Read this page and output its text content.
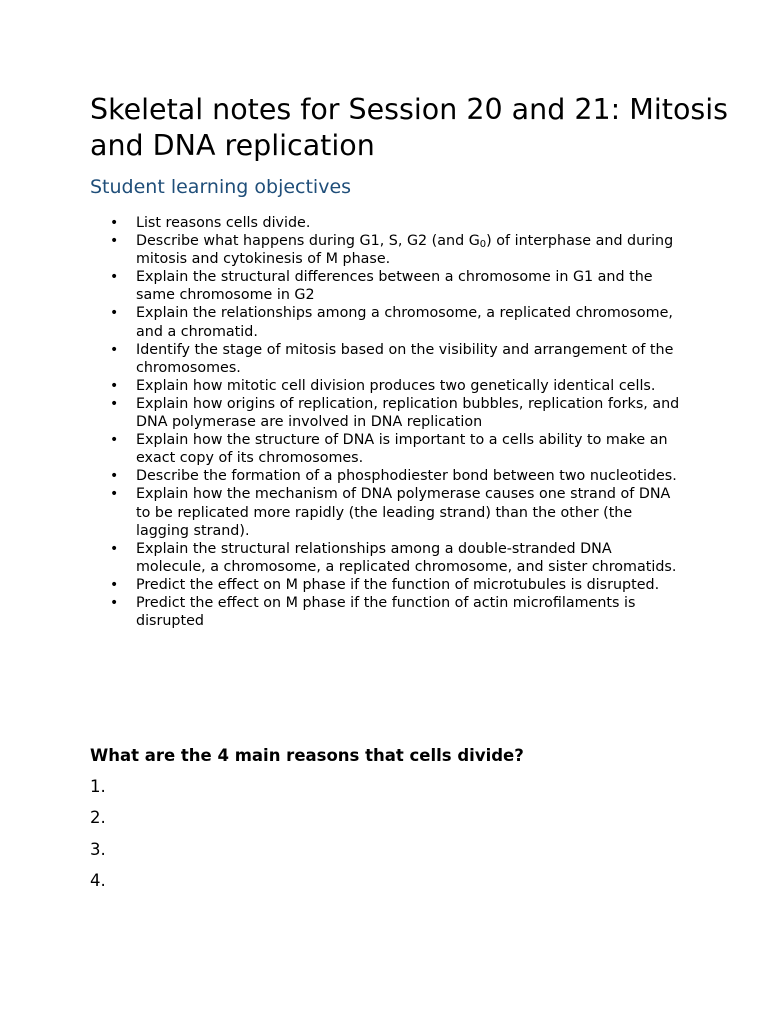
Skeletal notes for Session 20 and 21: Mitosis and DNA replication
Student learning objectives
• List reasons cells divide.
• Describe what happens during G1, S, G2 (and $G_0$) of interphase and during mitosis and cytokinesis of M phase.
• Explain the structural differences between a chromosome in G1 and the same chromosome in G2
• Explain the relationships among a chromosome, a replicated chromosome, and a chromatid.
• Identify the stage of mitosis based on the visibility and arrangement of the chromosomes.
• Explain how mitotic cell division produces two genetically identical cells.
• Explain how origins of replication, replication bubbles, replication forks, and DNA polymerase are involved in DNA replication
• Explain how the structure of DNA is important to a cells ability to make an exact copy of its chromosomes.
• Describe the formation of a phosphodiester bond between two nucleotides.
• Explain how the mechanism of DNA polymerase causes one strand of DNA to be replicated more rapidly (the leading strand) than the other (the lagging strand).
• Explain the structural relationships among a double-stranded DNA molecule, a chromosome, a replicated chromosome, and sister chromatids.
• Predict the effect on M phase if the function of microtubules is disrupted.
• Predict the effect on M phase if the function of actin microfilaments is disrupted
What are the 4 main reasons that cells divide?
1.
2.
3.
4.
